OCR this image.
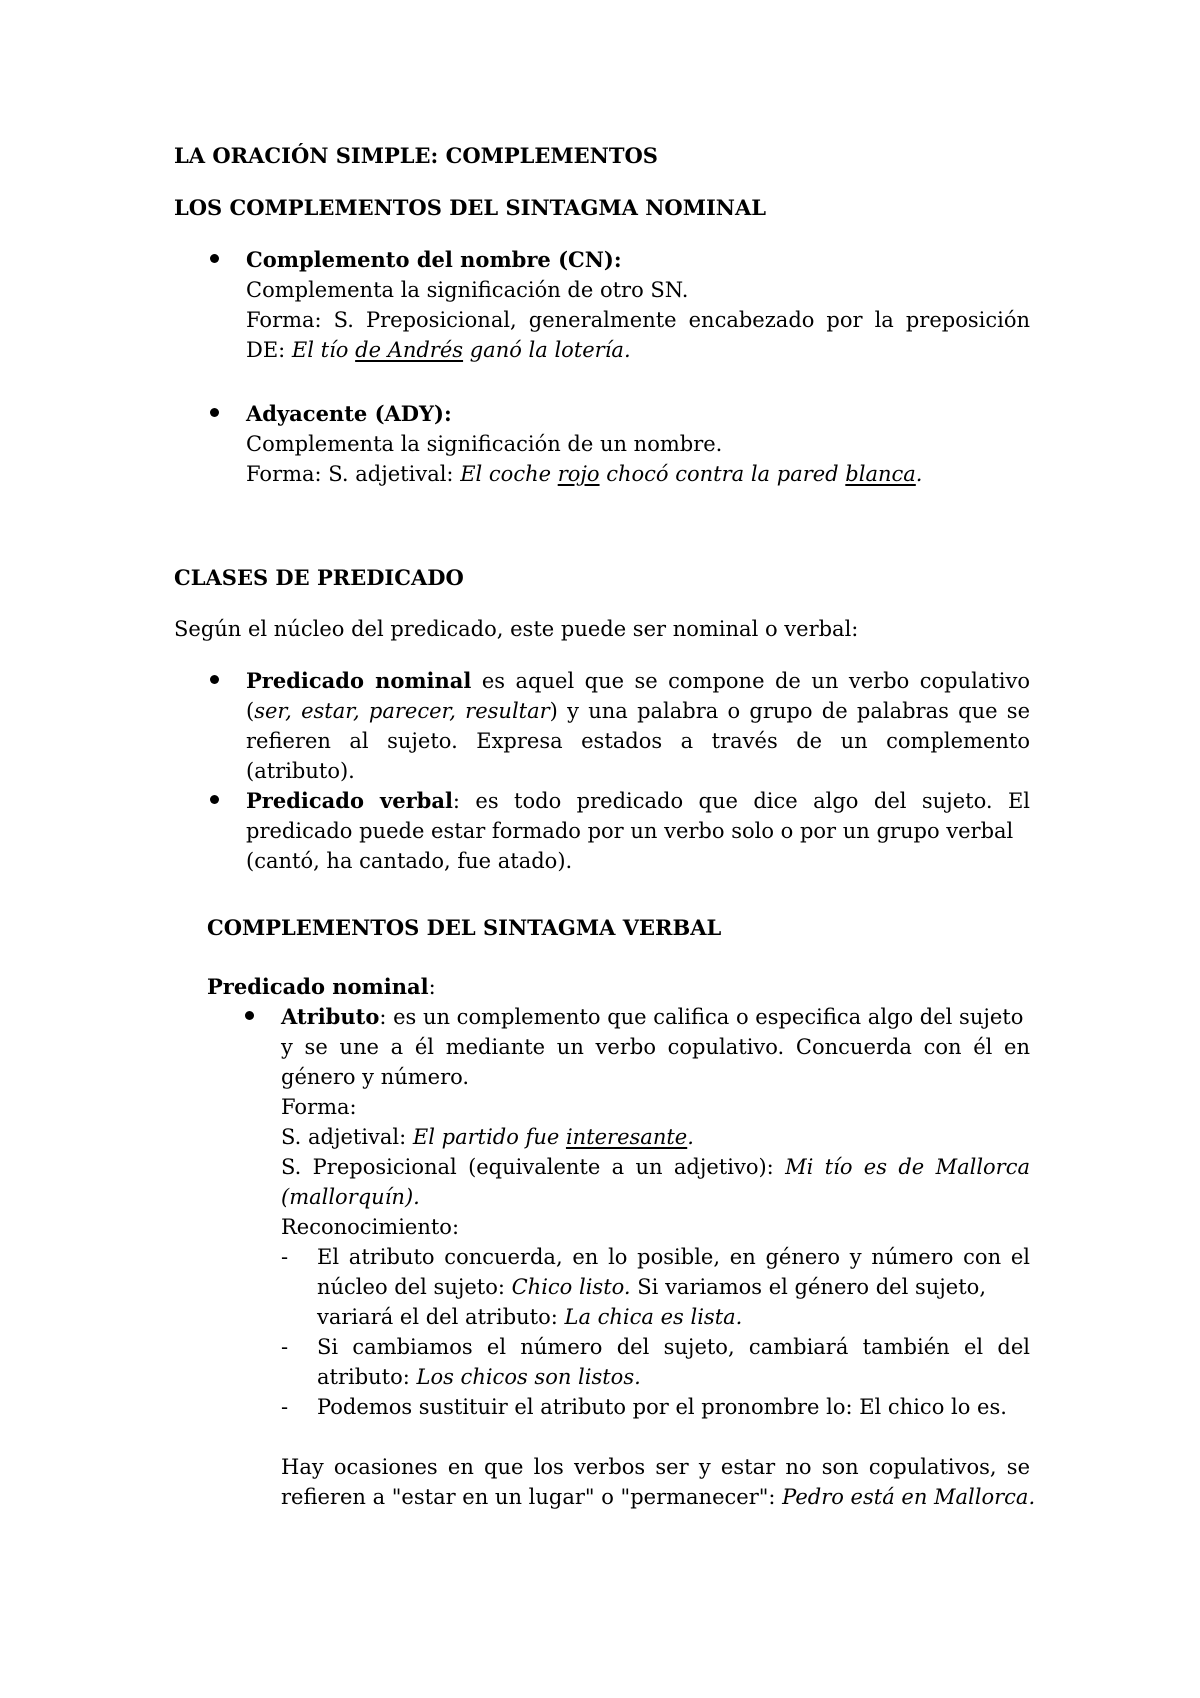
LA ORACIÓN SIMPLE: COMPLEMENTOS
LOS COMPLEMENTOS DEL SINTAGMA NOMINAL
Complemento del nombre (CN):
Complementa la significación de otro SN.
Forma: S. Preposicional, generalmente encabezado por la preposición
DE: El tío de Andrés ganó la lotería.
Adyacente (ADY):
Complementa la significación de un nombre.
Forma: S. adjetival: El coche rojo chocó contra la pared blanca.
CLASES DE PREDICADO
Según el núcleo del predicado, este puede ser nominal o verbal:
Predicado nominal es aquel que se compone de un verbo copulativo
(ser, estar, parecer, resultar) y una palabra o grupo de palabras que se
refieren al sujeto. Expresa estados a través de un complemento
(atributo).
Predicado verbal: es todo predicado que dice algo del sujeto. El
predicado puede estar formado por un verbo solo o por un grupo verbal
(cantó, ha cantado, fue atado).
COMPLEMENTOS DEL SINTAGMA VERBAL
Predicado nominal:
Atributo: es un complemento que califica o especifica algo del sujeto
y se une a él mediante un verbo copulativo. Concuerda con él en
género y número.
Forma:
S. adjetival: El partido fue interesante.
S. Preposicional (equivalente a un adjetivo): Mi tío es de Mallorca
(mallorquín).
Reconocimiento:
- El atributo concuerda, en lo posible, en género y número con el
núcleo del sujeto: Chico listo. Si variamos el género del sujeto,
variará el del atributo: La chica es lista.
- Si cambiamos el número del sujeto, cambiará también el del
atributo: Los chicos son listos.
- Podemos sustituir el atributo por el pronombre lo: El chico lo es.
Hay ocasiones en que los verbos ser y estar no son copulativos, se
refieren a "estar en un lugar" o "permanecer": Pedro está en Mallorca.
